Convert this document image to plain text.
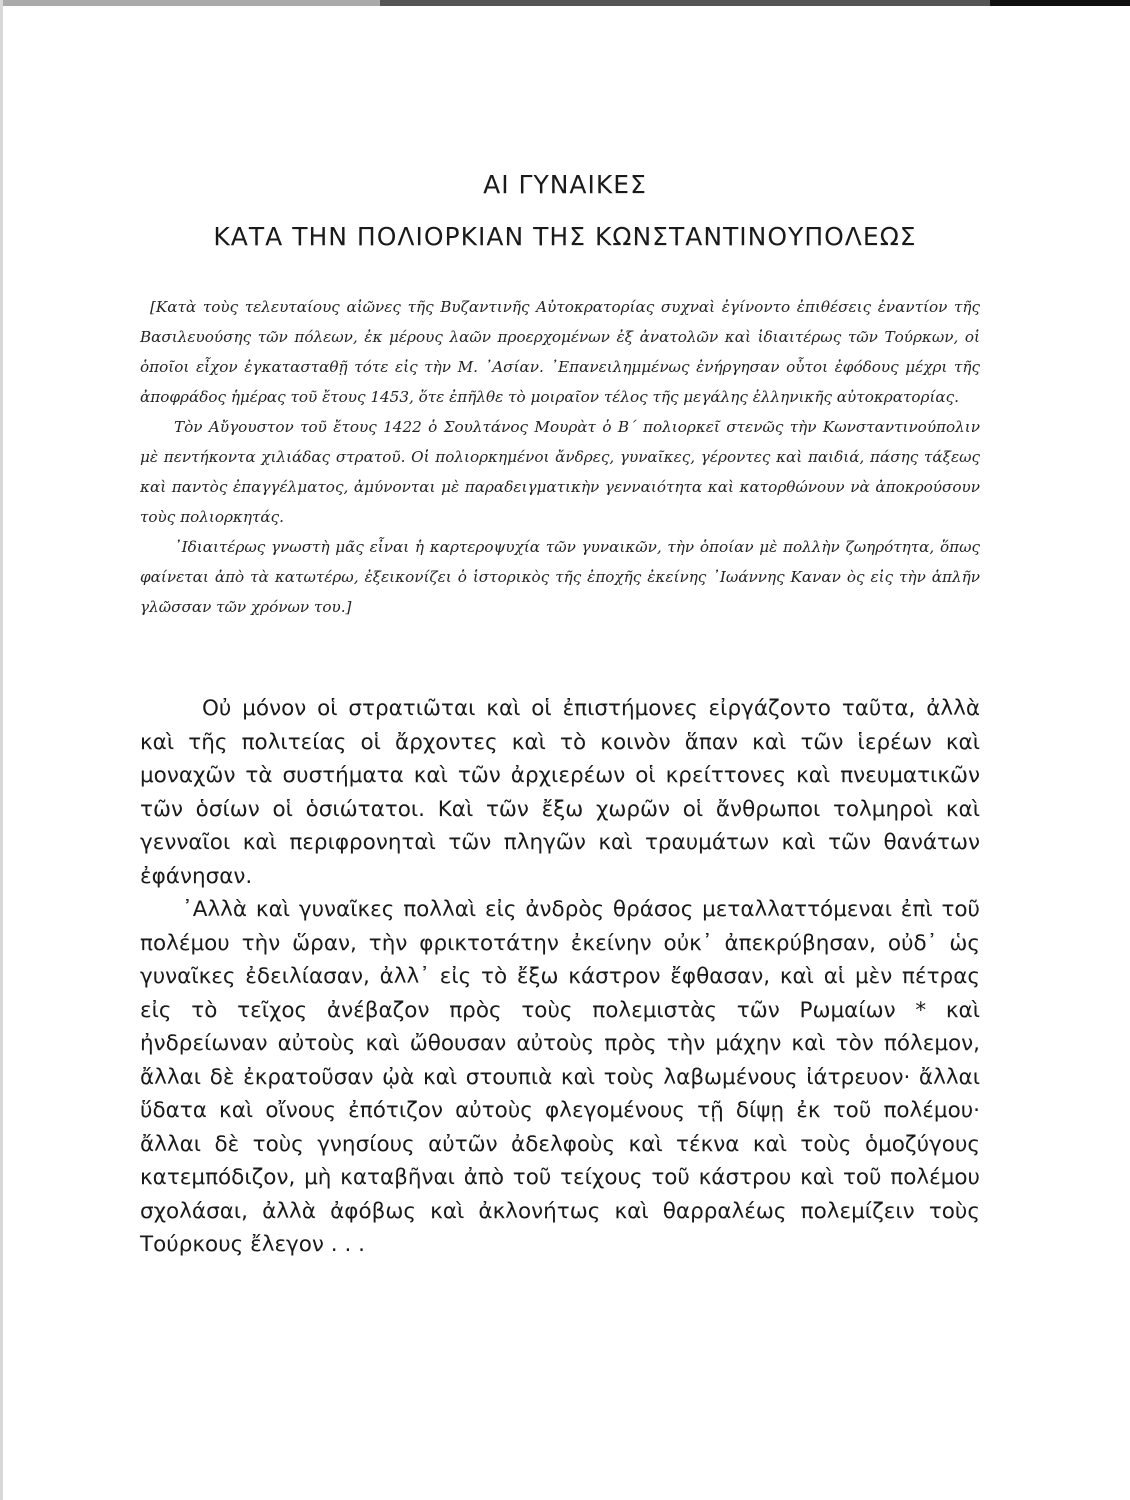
ΑΙ ΓΥΝΑΙΚΕΣ
ΚΑΤΑ ΤΗΝ ΠΟΛΙΟΡΚΙΑΝ ΤΗΣ ΚΩΝΣΤΑΝΤΙΝΟΥΠΟΛΕΩΣ

[Κατὰ τοὺς τελευταίους αἰῶνες τῆς Βυζαντινῆς Αὐτοκρατορίας συχναὶ ἐγίνοντο ἐπιθέσεις ἐναντίον τῆς Βασιλευούσης τῶν πόλεων, ἐκ μέρους λαῶν προερχομένων ἐξ ἀνατολῶν καὶ ἰδιαιτέρως τῶν Τούρκων, οἱ ὁποῖοι εἶχον ἐγκατασταθῇ τότε εἰς τὴν Μ. ᾿Ασίαν. ᾿Επανειλημμένως ἐνήργησαν οὗτοι ἐφόδους μέχρι τῆς ἀποφράδος ἡμέρας τοῦ ἔτους 1453, ὅτε ἐπῆλθε τὸ μοιραῖον τέλος τῆς μεγάλης ἑλληνικῆς αὐτοκρατορίας.

Τὸν Αὔγουστον τοῦ ἔτους 1422 ὁ Σουλτάνος Μουρὰτ ὁ Β΄ πολιορκεῖ στενῶς τὴν Κωνσταντινούπολιν μὲ πεντήκοντα χιλιάδας στρατοῦ. Οἱ πολιορκημένοι ἄνδρες, γυναῖκες, γέροντες καὶ παιδιά, πάσης τάξεως καὶ παντὸς ἐπαγγέλματος, ἀμύνονται μὲ παραδειγματικὴν γενναιότητα καὶ κατορθώνουν νὰ ἀποκρούσουν τοὺς πολιορκητάς.

᾿Ιδιαιτέρως γνωστὴ μᾶς εἶναι ἡ καρτεροψυχία τῶν γυναικῶν, τὴν ὁποίαν μὲ πολλὴν ζωηρότητα, ὅπως φαίνεται ἀπὸ τὰ κατωτέρω, ἐξεικονίζει ὁ ἱστορικὸς τῆς ἐποχῆς ἐκείνης ᾿Ιωάννης Καναν ὸς εἰς τὴν ἁπλῆν γλῶσσαν τῶν χρόνων του.]

Οὐ μόνον οἱ στρατιῶται καὶ οἱ ἐπιστήμονες εἰργάζοντο ταῦτα, ἀλλὰ καὶ τῆς πολιτείας οἱ ἄρχοντες καὶ τὸ κοινὸν ἅπαν καὶ τῶν ἱερέων καὶ μοναχῶν τὰ συστήματα καὶ τῶν ἀρχιερέων οἱ κρείττονες καὶ πνευματικῶν τῶν ὁσίων οἱ ὁσιώτατοι. Καὶ τῶν ἔξω χωρῶν οἱ ἄνθρωποι τολμηροὶ καὶ γενναῖοι καὶ περιφρονηταὶ τῶν πληγῶν καὶ τραυμάτων καὶ τῶν θανάτων ἐφάνησαν.

᾿Αλλὰ καὶ γυναῖκες πολλαὶ εἰς ἀνδρὸς θράσος μεταλλαττόμεναι ἐπὶ τοῦ πολέμου τὴν ὥραν, τὴν φρικτοτάτην ἐκείνην οὐκ᾿ ἀπεκρύβησαν, οὐδ᾿ ὡς γυναῖκες ἐδειλίασαν, ἀλλ᾿ εἰς τὸ ἔξω κάστρον ἔφθασαν, καὶ αἱ μὲν πέτρας εἰς τὸ τεῖχος ἀνέβαζον πρὸς τοὺς πολεμιστὰς τῶν Ρωμαίων * καὶ ἠνδρείωναν αὐτοὺς καὶ ὤθουσαν αὐτοὺς πρὸς τὴν μάχην καὶ τὸν πόλεμον, ἄλλαι δὲ ἐκρατοῦσαν ᾠὰ καὶ στουπιὰ καὶ τοὺς λαβωμένους ἰάτρευον· ἄλλαι ὕδατα καὶ οἴνους ἐπότιζον αὐτοὺς φλεγομένους τῇ δίψῃ ἐκ τοῦ πολέμου· ἄλλαι δὲ τοὺς γνησίους αὐτῶν ἀδελφοὺς καὶ τέκνα καὶ τοὺς ὁμοζύγους κατεμπόδιζον, μὴ καταβῆναι ἀπὸ τοῦ τείχους τοῦ κάστρου καὶ τοῦ πολέμου σχολάσαι, ἀλλὰ ἀφόβως καὶ ἀκλονήτως καὶ θαρραλέως πολεμίζειν τοὺς Τούρκους ἔλεγον . . .
